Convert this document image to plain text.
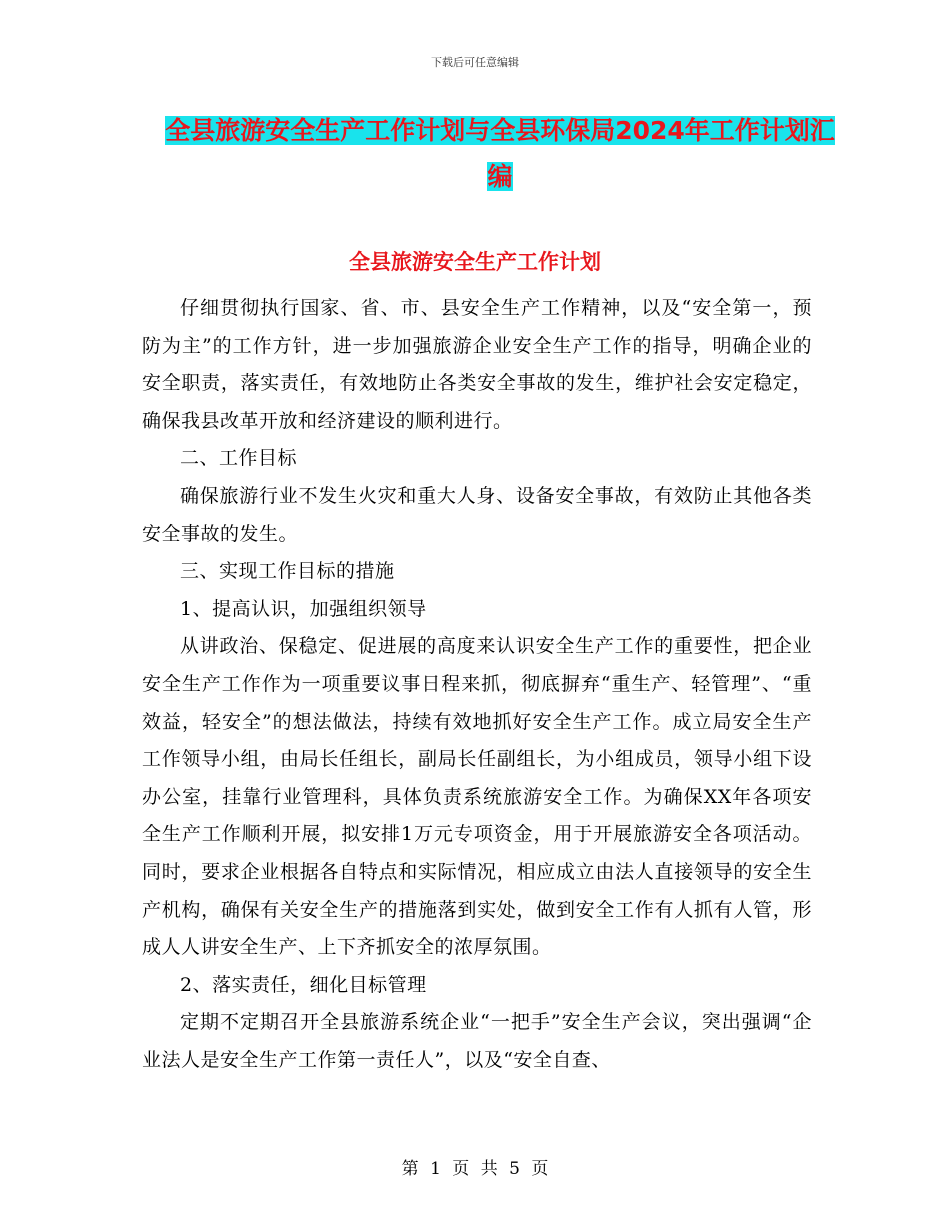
下载后可任意编辑
全县旅游安全生产工作计划与全县环保局2024年工作计划汇编
全县旅游安全生产工作计划

仔细贯彻执行国家、省、市、县安全生产工作精神，以及“安全第一，预防为主”的工作方针，进一步加强旅游企业安全生产工作的指导，明确企业的安全职责，落实责任，有效地防止各类安全事故的发生，维护社会安定稳定，确保我县改革开放和经济建设的顺利进行。

二、工作目标

确保旅游行业不发生火灾和重大人身、设备安全事故，有效防止其他各类安全事故的发生。

三、实现工作目标的措施

1、提高认识，加强组织领导

从讲政治、保稳定、促进展的高度来认识安全生产工作的重要性，把企业安全生产工作作为一项重要议事日程来抓，彻底摒弃“重生产、轻管理”、“重效益，轻安全”的想法做法，持续有效地抓好安全生产工作。成立局安全生产工作领导小组，由局长任组长，副局长任副组长，为小组成员，领导小组下设办公室，挂靠行业管理科，具体负责系统旅游安全工作。为确保XX年各项安全生产工作顺利开展，拟安排1万元专项资金，用于开展旅游安全各项活动。同时，要求企业根据各自特点和实际情况，相应成立由法人直接领导的安全生产机构，确保有关安全生产的措施落到实处，做到安全工作有人抓有人管，形成人人讲安全生产、上下齐抓安全的浓厚氛围。

2、落实责任，细化目标管理

定期不定期召开全县旅游系统企业“一把手”安全生产会议，突出强调“企业法人是安全生产工作第一责任人”，以及“安全自查、

第 1 页 共 5 页
